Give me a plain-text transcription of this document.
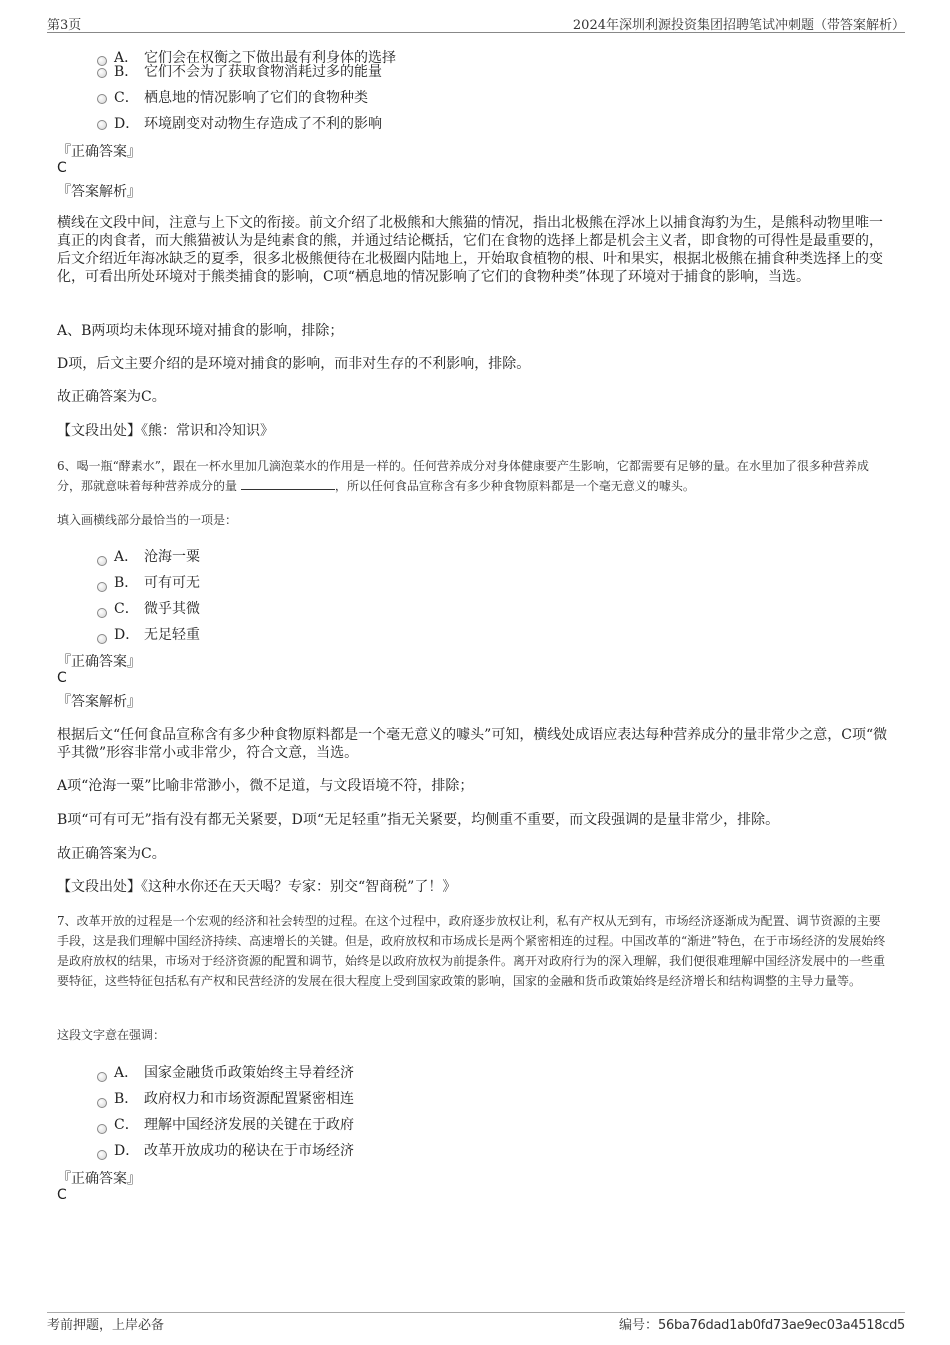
第3页	2024年深圳利源投资集团招聘笔试冲刺题（带答案解析）
A． 它们会在权衡之下做出最有利身体的选择
B． 它们不会为了获取食物消耗过多的能量
C． 栖息地的情况影响了它们的食物种类
D． 环境剧变对动物生存造成了不利的影响
『正确答案』
C
『答案解析』
横线在文段中间，注意与上下文的衔接。前文介绍了北极熊和大熊猫的情况，指出北极熊在浮冰上以捕食海豹为生，是熊科动物里唯一真正的肉食者，而大熊猫被认为是纯素食的熊，并通过结论概括，它们在食物的选择上都是机会主义者，即食物的可得性是最重要的，后文介绍近年海冰缺乏的夏季，很多北极熊便待在北极圈内陆地上，开始取食植物的根、叶和果实，根据北极熊在捕食种类选择上的变化，可看出所处环境对于熊类捕食的影响，C项“栖息地的情况影响了它们的食物种类”体现了环境对于捕食的影响，当选。
A、B两项均未体现环境对捕食的影响，排除；
D项，后文主要介绍的是环境对捕食的影响，而非对生存的不利影响，排除。
故正确答案为C。
【文段出处】《熊：常识和冷知识》
6、喝一瓶“酵素水”，跟在一杯水里加几滴泡菜水的作用是一样的。任何营养成分对身体健康要产生影响，它都需要有足够的量。在水里加了很多种营养成分，那就意味着每种营养成分的量	，所以任何食品宣称含有多少种食物原料都是一个毫无意义的噱头。
填入画横线部分最恰当的一项是：
A． 沧海一粟
B． 可有可无
C． 微乎其微
D． 无足轻重
『正确答案』
C
『答案解析』
根据后文“任何食品宣称含有多少种食物原料都是一个毫无意义的噱头”可知，横线处成语应表达每种营养成分的量非常少之意，C项“微乎其微”形容非常小或非常少，符合文意，当选。
A项“沧海一粟”比喻非常渺小，微不足道，与文段语境不符，排除；
B项“可有可无”指有没有都无关紧要，D项“无足轻重”指无关紧要，均侧重不重要，而文段强调的是量非常少，排除。
故正确答案为C。
【文段出处】《这种水你还在天天喝？专家：别交“智商税”了！》
7、改革开放的过程是一个宏观的经济和社会转型的过程。在这个过程中，政府逐步放权让利，私有产权从无到有，市场经济逐渐成为配置、调节资源的主要手段，这是我们理解中国经济持续、高速增长的关键。但是，政府放权和市场成长是两个紧密相连的过程。中国改革的“渐进”特色，在于市场经济的发展始终是政府放权的结果，市场对于经济资源的配置和调节，始终是以政府放权为前提条件。离开对政府行为的深入理解，我们便很难理解中国经济发展中的一些重要特征，这些特征包括私有产权和民营经济的发展在很大程度上受到国家政策的影响，国家的金融和货币政策始终是经济增长和结构调整的主导力量等。
这段文字意在强调：
A． 国家金融货币政策始终主导着经济
B． 政府权力和市场资源配置紧密相连
C． 理解中国经济发展的关键在于政府
D． 改革开放成功的秘诀在于市场经济
『正确答案』
C
考前押题，上岸必备	编号：56ba76dad1ab0fd73ae9ec03a4518cd5
